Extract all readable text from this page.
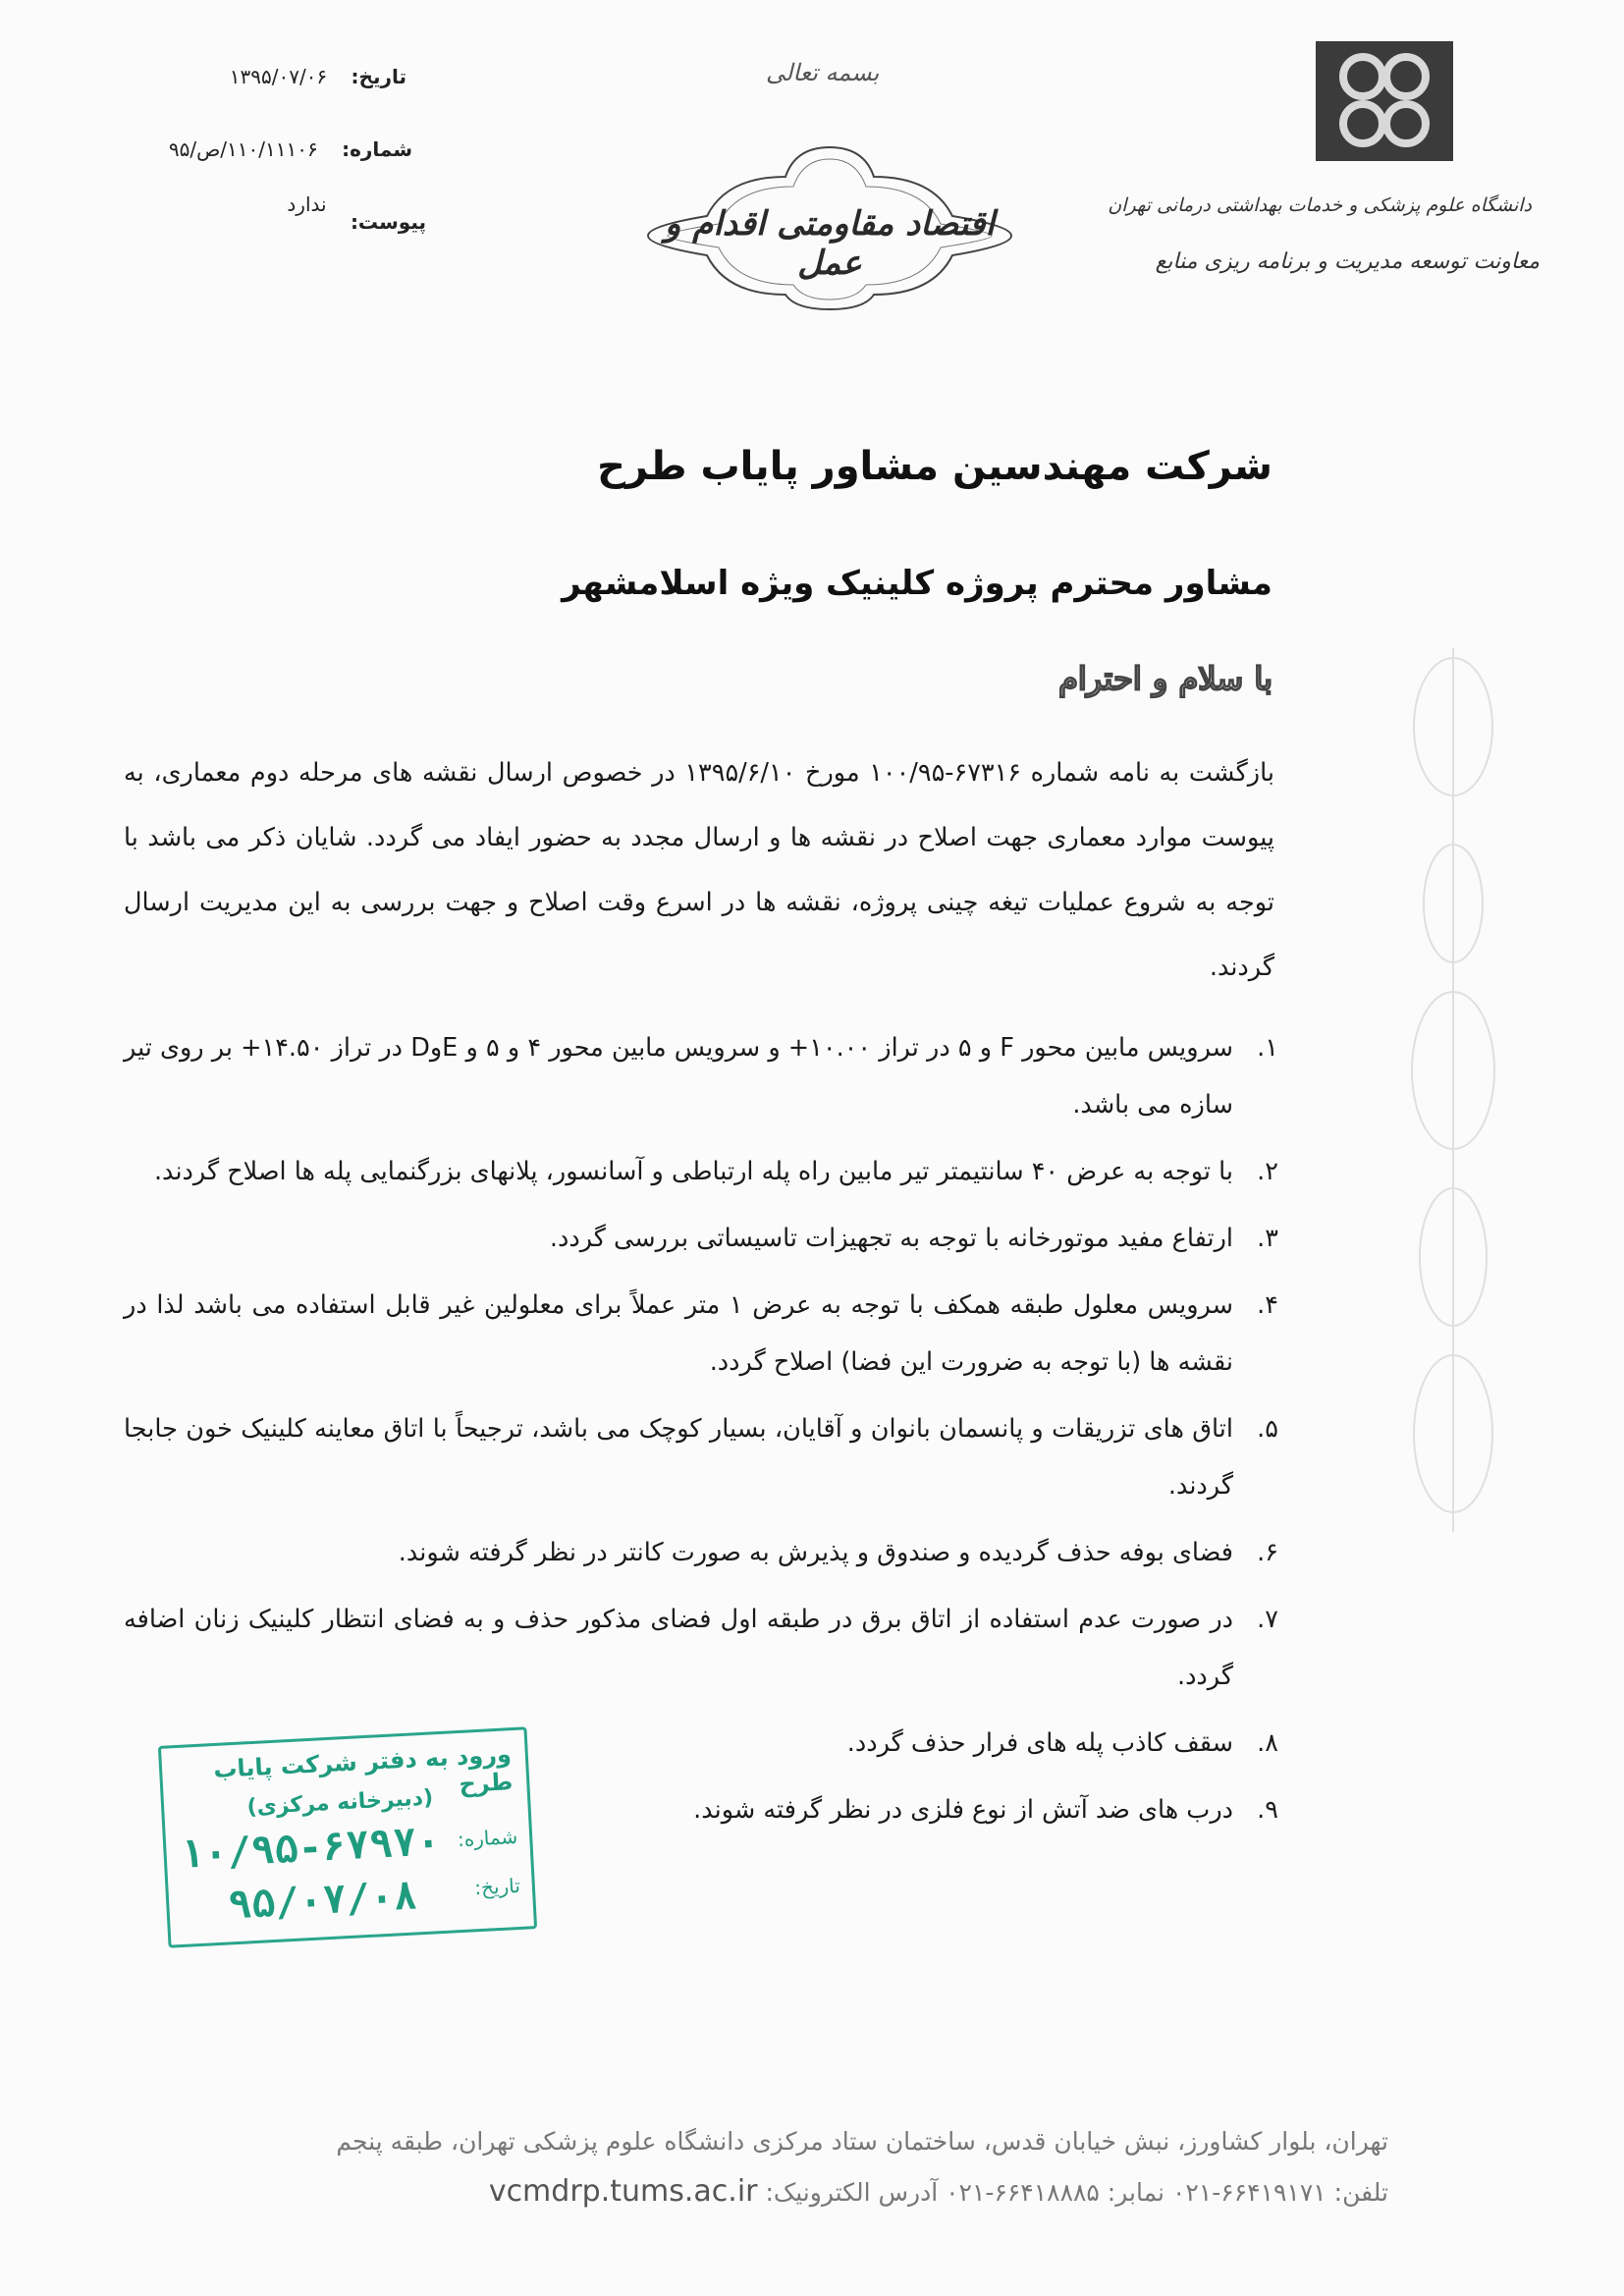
تاریخ: ۱۳۹۵/۰۷/۰۶
شماره: ۱۱۰/۱۱۱۰۶/ص/۹۵
پیوست: ندارد
بسمه تعالی
اقتصاد مقاومتی اقدام و عمل
دانشگاه علوم پزشکی و خدمات بهداشتی درمانی تهران
معاونت توسعه مدیریت و برنامه ریزی منابع
شرکت مهندسین مشاور پایاب طرح
مشاور محترم پروژه کلینیک ویژه اسلامشهر
با سلام و احترام
بازگشت به نامه شماره ۶۷۳۱۶-۱۰۰/۹۵ مورخ ۱۳۹۵/۶/۱۰ در خصوص ارسال نقشه های مرحله دوم معماری، به پیوست موارد معماری جهت اصلاح در نقشه ها و ارسال مجدد به حضور ایفاد می گردد. شایان ذکر می باشد با توجه به شروع عملیات تیغه چینی پروژه، نقشه ها در اسرع وقت اصلاح و جهت بررسی به این مدیریت ارسال گردند.
۱.
سرویس مابین محور F و ۵ در تراز ۱۰.۰۰+ و سرویس مابین محور ۴ و ۵ و EوD در تراز ۱۴.۵۰+ بر روی تیر سازه می باشد.
۲.
با توجه به عرض ۴۰ سانتیمتر تیر مابین راه پله ارتباطی و آسانسور، پلانهای بزرگنمایی پله ها اصلاح گردند.
۳.
ارتفاع مفید موتورخانه با توجه به تجهیزات تاسیساتی بررسی گردد.
۴.
سرویس معلول طبقه همکف با توجه به عرض ۱ متر عملاً برای معلولین غیر قابل استفاده می باشد لذا در نقشه ها (با توجه به ضرورت این فضا) اصلاح گردد.
۵.
اتاق های تزریقات و پانسمان بانوان و آقایان، بسیار کوچک می باشد، ترجیحاً با اتاق معاینه کلینیک خون جابجا گردند.
۶.
فضای بوفه حذف گردیده و صندوق و پذیرش به صورت کانتر در نظر گرفته شوند.
۷.
در صورت عدم استفاده از اتاق برق در طبقه اول فضای مذکور حذف و به فضای انتظار کلینیک زنان اضافه گردد.
۸.
سقف کاذب پله های فرار حذف گردد.
۹.
درب های ضد آتش از نوع فلزی در نظر گرفته شوند.
ورود به دفتر شرکت پایاب طرح
(دبیرخانه مرکزی)
شماره:
تاریخ:
۱۰/۹۵-۶۷۹۷۰
۹۵/۰۷/۰۸
تهران، بلوار کشاورز، نبش خیابان قدس، ساختمان ستاد مرکزی دانشگاه علوم پزشکی تهران، طبقه پنجم
تلفن: ۶۶۴۱۹۱۷۱-۰۲۱ نمابر: ۶۶۴۱۸۸۸۵-۰۲۱ آدرس الکترونیک: vcmdrp.tums.ac.ir
